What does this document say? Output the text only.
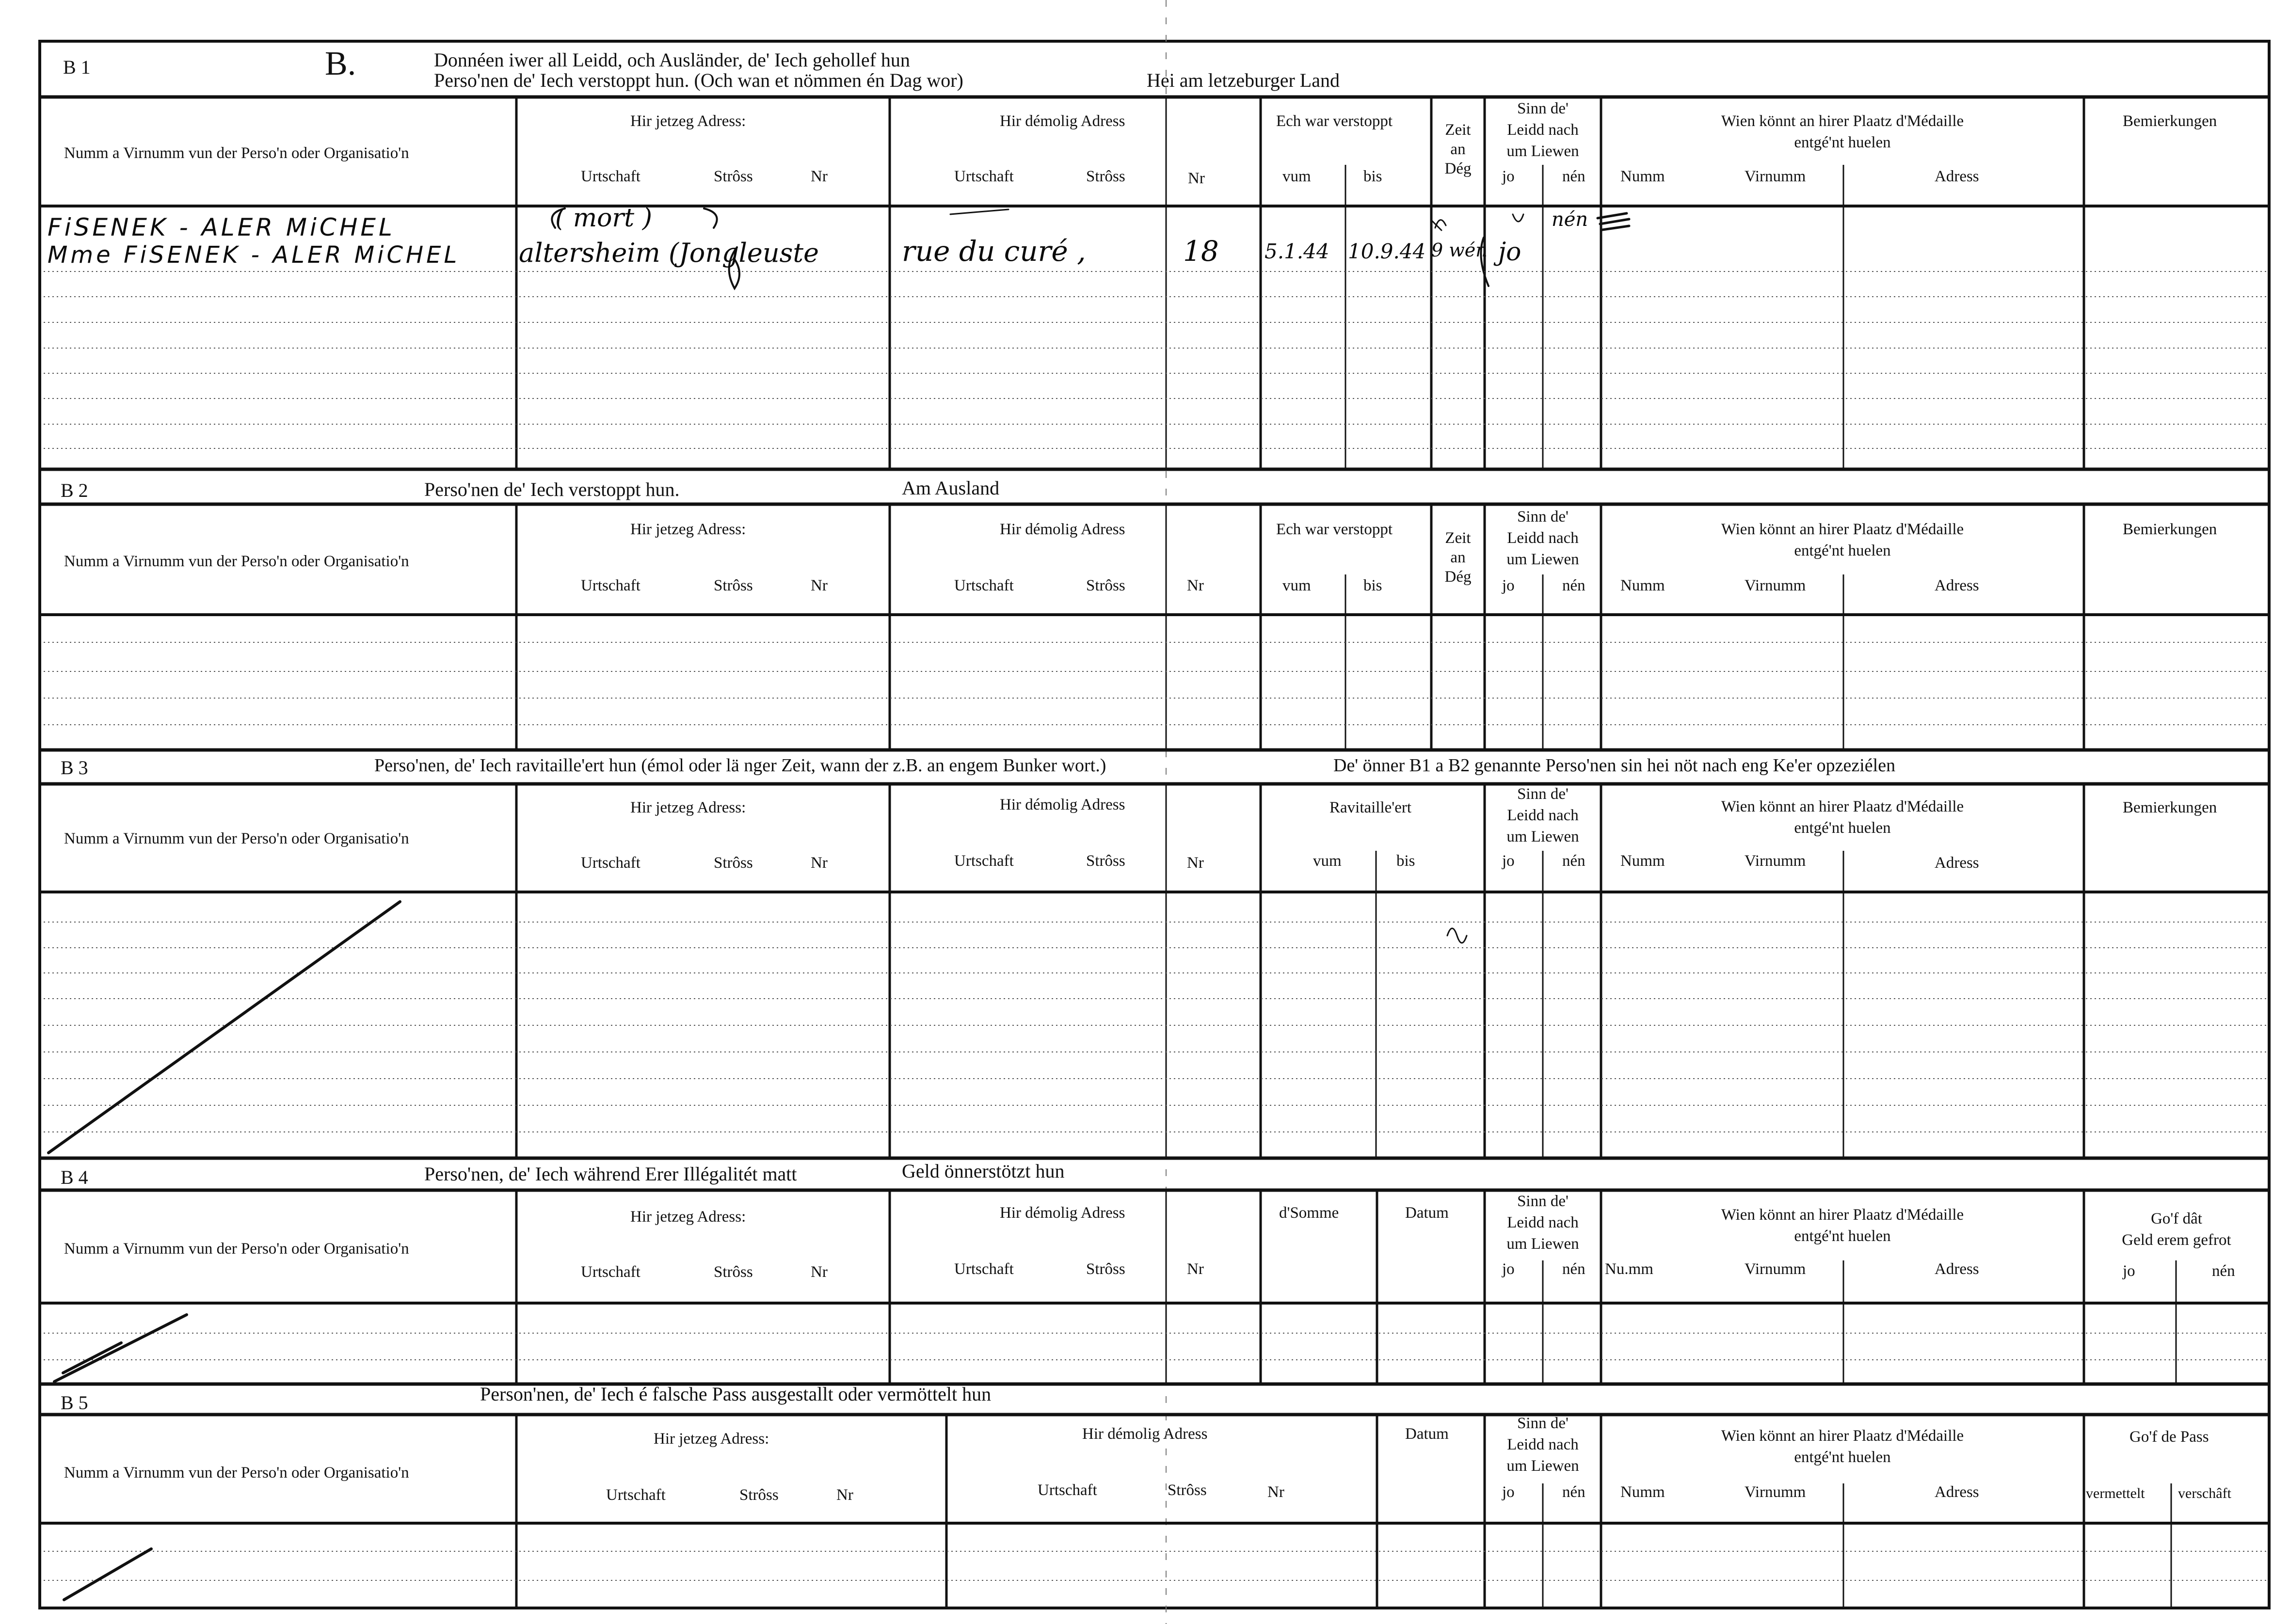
B 1	B.	Donnéen iwer all Leidd, och Ausländer, de' Iech gehollef hun
Perso'nen de' Iech verstoppt hun. (Och wan et nömmen én Dag wor)	Hei am letzeburger Land
Numm a Virnumm vun der Perso'n oder Organisatio'n
Hir jetzeg Adress:
Urtschaft	Strôss	Nr
Hir démolig Adress
Urtschaft	Strôss	Nr
Ech war verstoppt
vum	bis
Zeit
an
Dég
Sinn de'
Leidd nach
um Liewen
jo	nén
Wien könnt an hirer Plaatz d'Médaille
entgé'nt huelen
Numm	Virnumm	Adress
Bemierkungen
FiSENEK - ALER MiCHEL
Mme FiSENEK - ALER MiCHEL
( mort )
altersheim (Jongleuste	rue du curé ,	18 5.1.44 10.9.44 9 wén jo
nén
B 2	Perso'nen de' Iech verstoppt hun.	Am Ausland
Numm a Virnumm vun der Perso'n oder Organisatio'n
Hir jetzeg Adress:
Urtschaft	Strôss	Nr
Hir démolig Adress
Urtschaft	Strôss	Nr
Ech war verstoppt
vum	bis
Zeit
an
Dég
Sinn de'
Leidd nach
um Liewen
jo	nén
Wien könnt an hirer Plaatz d'Médaille
entgé'nt huelen
Numm	Virnumm	Adress
Bemierkungen
B 3	Perso'nen, de' Iech ravitaille'ert hun (émol oder lä nger Zeit, wann der z.B. an engem Bunker wort.)	De' önner B1 a B2 genannte Perso'nen sin hei nöt nach eng Ke'er opzeziélen
Numm a Virnumm vun der Perso'n oder Organisatio'n
Hir jetzeg Adress:
Urtschaft	Strôss	Nr
Hir démolig Adress
Urtschaft	Strôss	Nr
Ravitaille'ert
vum	bis
Sinn de'
Leidd nach
um Liewen
jo	nén
Wien könnt an hirer Plaatz d'Médaille
entgé'nt huelen
Numm	Virnumm	Adress
Bemierkungen
B 4	Perso'nen, de' Iech während Erer Illégalitét matt	Geld önnerstötzt hun
Numm a Virnumm vun der Perso'n oder Organisatio'n
Hir jetzeg Adress:
Urtschaft	Strôss	Nr
Hir démolig Adress
Urtschaft	Strôss	Nr
d'Somme	Datum
Sinn de'
Leidd nach
um Liewen
jo	nén
Wien könnt an hirer Plaatz d'Médaille
entgé'nt huelen
Nu.mm	Virnumm	Adress
Go'f dât
Geld erem gefrot
jo	nén
B 5	Person'nen, de' Iech é falsche Pass ausgestallt oder vermöttelt hun
Numm a Virnumm vun der Perso'n oder Organisatio'n
Hir jetzeg Adress:
Urtschaft	Strôss	Nr
Hir démolig Adress
Urtschaft	Strôss	Nr
Datum
Sinn de'
Leidd nach
um Liewen
jo	nén
Wien könnt an hirer Plaatz d'Médaille
entgé'nt huelen
Numm	Virnumm	Adress
Go'f de Pass
vermettelt verschâft
